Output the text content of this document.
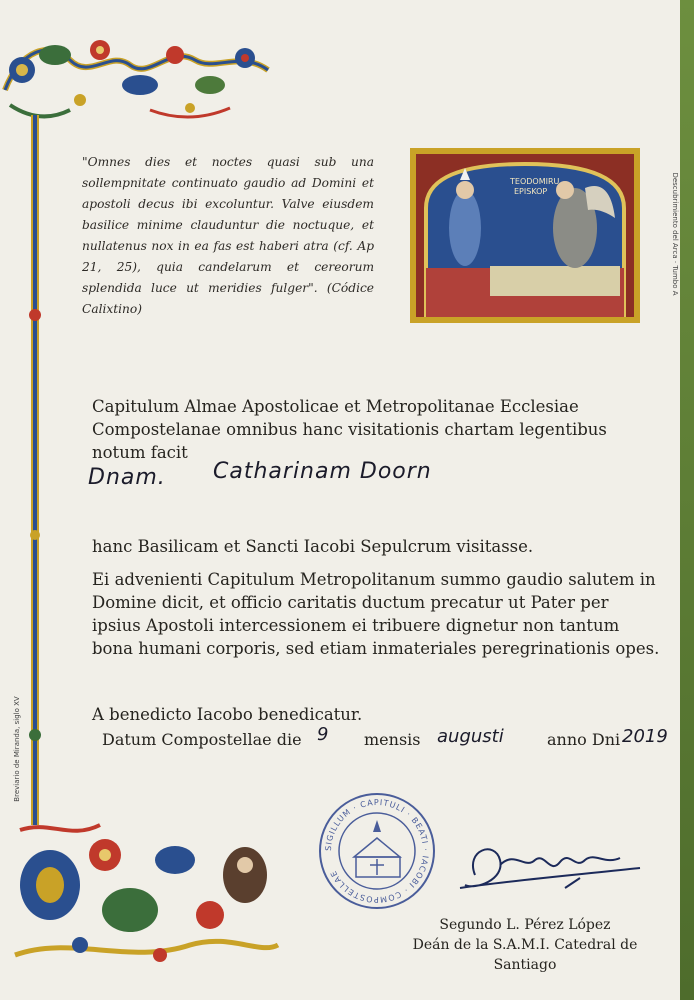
Breviario de Miranda, siglo XV
"Omnes dies et noctes quasi sub una sollempnitate continuato gaudio ad Domini et apostoli decus ibi excoluntur. Valve eiusdem basilice minime clauduntur die noctuque, et nullatenus nox in ea fas est haberi atra (cf. Ap 21, 25), quia candelarum et cereorum splendida luce ut meridies fulger". (Códice Calixtino)
TEODOMIRU
EPISKOP	Descubrimiento del Arca · Tumbo A
Capitulum Almae Apostolicae et Metropolitanae Ecclesiae Compostelanae omnibus hanc visitationis chartam legentibus notum facit
Dnam. Catharinam Doorn
hanc Basilicam et Sancti Iacobi Sepulcrum visitasse.
Ei advenienti Capitulum Metropolitanum summo gaudio salutem in Domine dicit, et officio caritatis ductum precatur ut Pater per ipsius Apostoli intercessionem ei tribuere dignetur non tantum bona humani corporis, sed etiam inmateriales peregrinationis opes.
A benedicto Iacobo benedicatur.
Datum Compostellae die 9 mensis augusti	anno Dni 2019
SIGILLUM · CAPITULI · BEATI · IACOBI · COMPOSTELLAE
Segundo L. Pérez López
Deán de la S.A.M.I. Catedral de Santiago
